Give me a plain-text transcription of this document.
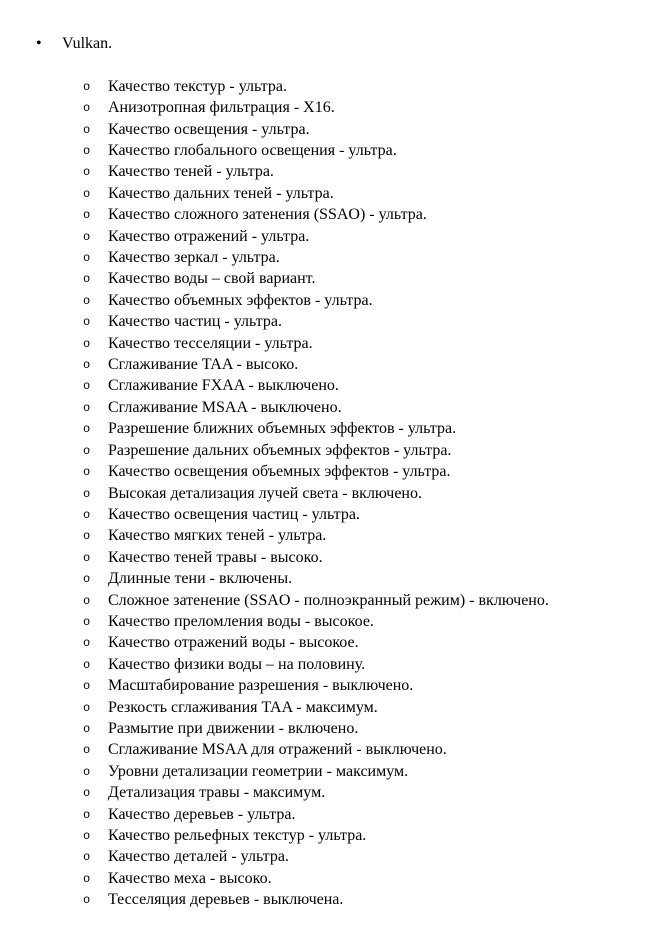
• Vulkan.
o Качество текстур - ультра.
o Анизотропная фильтрация - X16.
o Качество освещения - ультра.
o Качество глобального освещения - ультра.
o Качество теней - ультра.
o Качество дальних теней - ультра.
o Качество сложного затенения (SSAO) - ультра.
o Качество отражений - ультра.
o Качество зеркал - ультра.
o Качество воды – свой вариант.
o Качество объемных эффектов - ультра.
o Качество частиц - ультра.
o Качество тесселяции - ультра.
o Сглаживание TAA - высоко.
o Сглаживание FXAA - выключено.
o Сглаживание MSAA - выключено.
o Разрешение ближних объемных эффектов - ультра.
o Разрешение дальних объемных эффектов - ультра.
o Качество освещения объемных эффектов - ультра.
o Высокая детализация лучей света - включено.
o Качество освещения частиц - ультра.
o Качество мягких теней - ультра.
o Качество теней травы - высоко.
o Длинные тени - включены.
o Сложное затенение (SSAO - полноэкранный режим) - включено.
o Качество преломления воды - высокое.
o Качество отражений воды - высокое.
o Качество физики воды – на половину.
o Масштабирование разрешения - выключено.
o Резкость сглаживания TAA - максимум.
o Размытие при движении - включено.
o Сглаживание MSAA для отражений - выключено.
o Уровни детализации геометрии - максимум.
o Детализация травы - максимум.
o Качество деревьев - ультра.
o Качество рельефных текстур - ультра.
o Качество деталей - ультра.
o Качество меха - высоко.
o Тесселяция деревьев - выключена.
